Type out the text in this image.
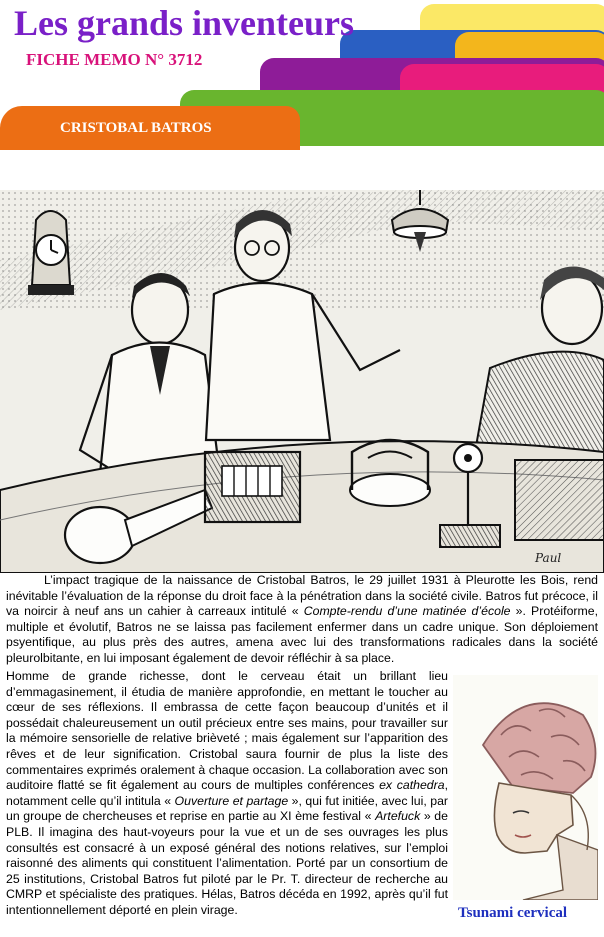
Les grands inventeurs
FICHE MEMO N° 3712
CRISTOBAL BATROS
Paul
L’impact tragique de la naissance de Cristobal Batros, le 29 juillet 1931 à Pleurotte les Bois, rend inévitable l’évaluation de la réponse du droit face à la pénétration dans la société civile. Batros fut précoce, il va noircir à neuf ans un cahier à carreaux intitulé « Compte-rendu d’une matinée d’école ». Protéiforme, multiple et évolutif, Batros ne se laissa pas facilement enfermer dans un cadre unique. Son déploiement psyentifique, au plus près des autres, amena avec lui des transformations radicales dans la société pleurolbitante, en lui imposant également de devoir réfléchir à sa place.
Homme de grande richesse, dont le cerveau était un brillant lieu d’emmagasinement, il étudia de manière approfondie, en mettant le toucher au cœur de ses réflexions. Il embrassa de cette façon beaucoup d’unités et il possédait chaleureusement un outil précieux entre ses mains, pour travailler sur la mémoire sensorielle de relative brièveté ; mais également sur l’apparition des rêves et de leur signification. Cristobal saura fournir de plus la liste des commentaires exprimés oralement à chaque occasion. La collaboration avec son auditoire flatté se fit également au cours de multiples conférences ex cathedra, notamment celle qu’il intitula « Ouverture et partage », qui fut initiée, avec lui, par un groupe de chercheuses et reprise en partie au XI ème festival « Artefuck » de PLB. Il imagina des haut-voyeurs pour la vue et un de ses ouvrages les plus consultés est consacré à un exposé général des notions relatives, sur l’emploi raisonné des aliments qui constituent l’alimentation. Porté par un consortium de 25 institutions, Cristobal Batros fut piloté par le Pr. T. directeur de recherche au CMRP et spécialiste des pratiques. Hélas, Batros décéda en 1992, après qu’il fut intentionnellement déporté en plein virage.	Tsunami cervical
